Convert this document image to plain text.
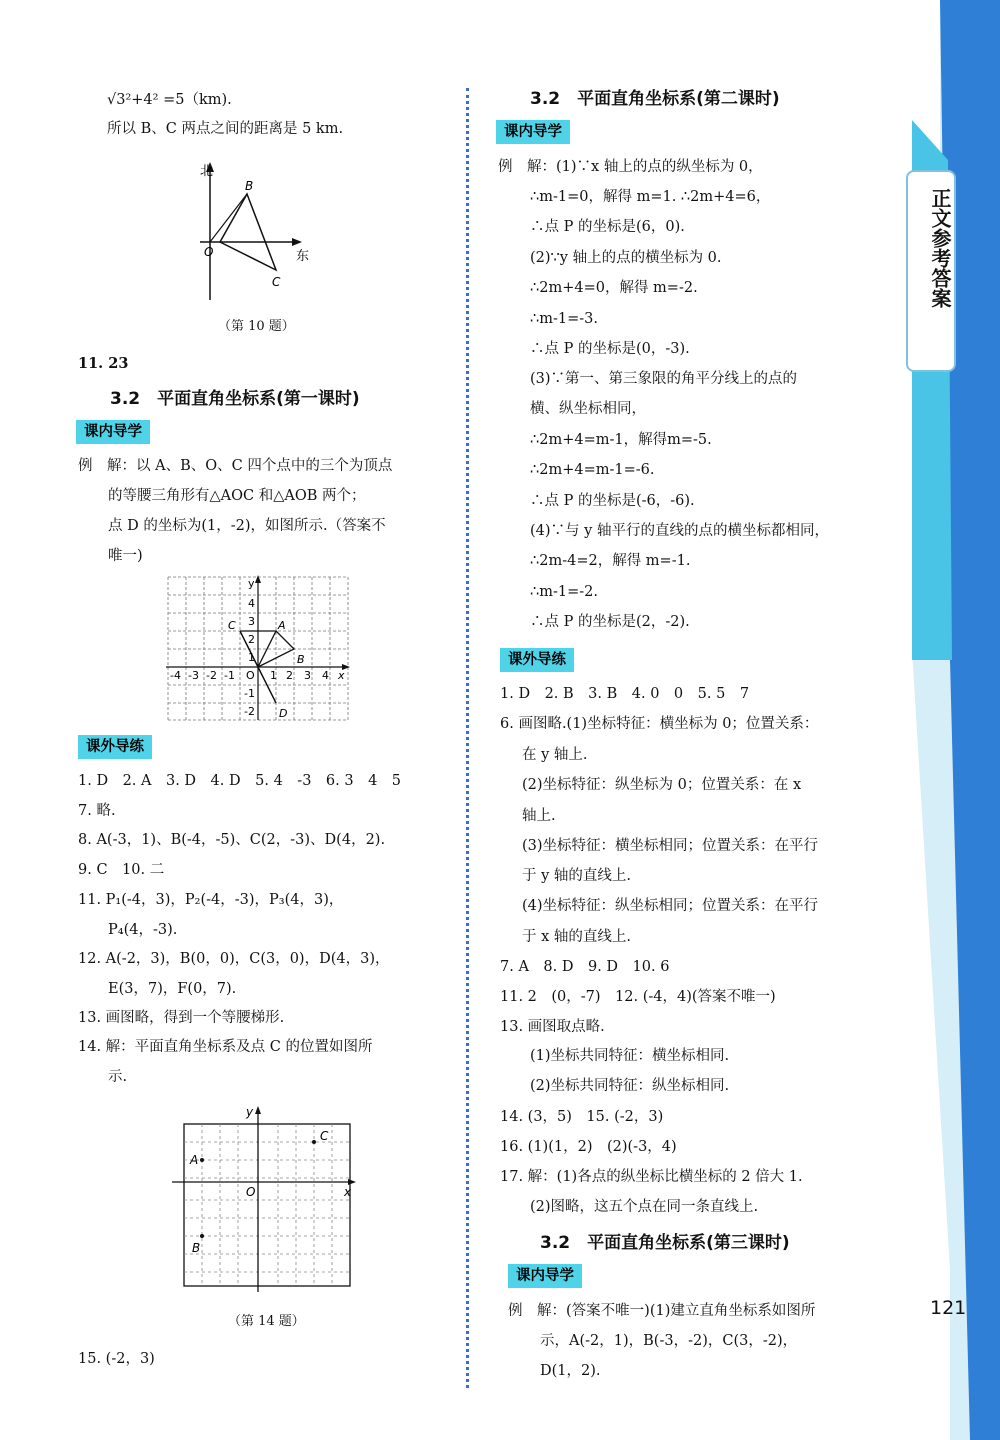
正文参考答案
121
√3²+4² =5（km).
所以 B、C 两点之间的距离是 5 km.
北
东
B
O
C
（第 10 题）
11. 23
3.2　平面直角坐标系(第一课时)
课内导学
例　解：以 A、B、O、C 四个点中的三个为顶点
的等腰三角形有△AOC 和△AOB 两个；
点 D 的坐标为(1，-2)，如图所示.（答案不
唯一)
y
4
3
2
1
O
-1
-2
-4 -3 -2 -1	1 2 3 4 x
C	A
B
D
课外导练
1. D　2. A　3. D　4. D　5. 4　-3　6. 3　4　5
7. 略.
8. A(-3，1)、B(-4，-5)、C(2，-3)、D(4，2).
9. C　10. 二
11. P₁(-4，3)，P₂(-4，-3)，P₃(4，3)，
P₄(4，-3).
12. A(-2，3)，B(0，0)，C(3，0)，D(4，3)，
E(3，7)，F(0，7).
13. 画图略，得到一个等腰梯形.
14. 解：平面直角坐标系及点 C 的位置如图所
示.
y
x
O
A
B
C
（第 14 题）
15. (-2，3)
3.2　平面直角坐标系(第二课时)
课内导学
例　解：(1)∵x 轴上的点的纵坐标为 0，
∴m-1=0，解得 m=1. ∴2m+4=6，
∴点 P 的坐标是(6，0).
(2)∵y 轴上的点的横坐标为 0.
∴2m+4=0，解得 m=-2.
∴m-1=-3.
∴点 P 的坐标是(0，-3).
(3)∵第一、第三象限的角平分线上的点的
横、纵坐标相同，
∴2m+4=m-1，解得m=-5.
∴2m+4=m-1=-6.
∴点 P 的坐标是(-6，-6).
(4)∵与 y 轴平行的直线的点的横坐标都相同，
∴2m-4=2，解得 m=-1.
∴m-1=-2.
∴点 P 的坐标是(2，-2).
课外导练
1. D　2. B　3. B　4. 0　0　5. 5　7
6. 画图略.(1)坐标特征：横坐标为 0；位置关系：
在 y 轴上.
(2)坐标特征：纵坐标为 0；位置关系：在 x
轴上.
(3)坐标特征：横坐标相同；位置关系：在平行
于 y 轴的直线上.
(4)坐标特征：纵坐标相同；位置关系：在平行
于 x 轴的直线上.
7. A　8. D　9. D　10. 6
11. 2　(0，-7)　12. (-4，4)(答案不唯一)
13. 画图取点略.
(1)坐标共同特征：横坐标相同.
(2)坐标共同特征：纵坐标相同.
14. (3，5)　15. (-2，3)
16. (1)(1，2)　(2)(-3，4)
17. 解：(1)各点的纵坐标比横坐标的 2 倍大 1.
(2)图略，这五个点在同一条直线上.
3.2　平面直角坐标系(第三课时)
课内导学
例　解：(答案不唯一)(1)建立直角坐标系如图所
示，A(-2，1)，B(-3，-2)，C(3，-2)，
D(1，2).
